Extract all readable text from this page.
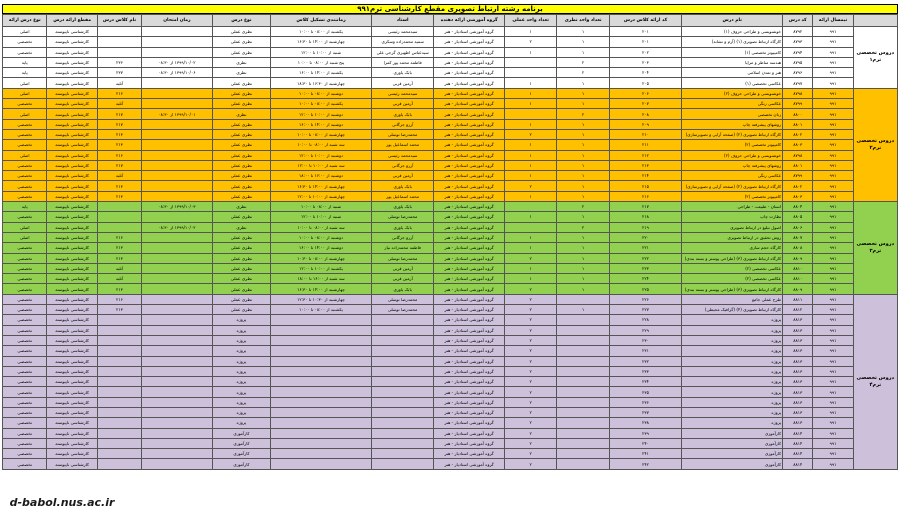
برنامه رشته ارتباط تصویری مقطع کارشناسی ترم۹۹۱
	نیمسال ارائه	کد درس	نام درس	کد ارائه کلاس درس	تعداد واحد نظری	تعداد واحد عملی	گروه آموزشی ارائه دهنده	استاد	زمانبندی تشکیل کلاس	نوع درس	زمان امتحان	نام کلاس درس	مقطع ارائه درس	نوع درس ارائه
دروس تخصصی ترم۱	۹۹۱	۸۷۹۲	خوشنویسی و طراحی حروف (۱)	۲۰۱	۱	۱	گروه آموزشی استادیار - هنر	سیدمحمد رئیسی	یکشنبه از ۰۸:۰۰ تا ۱۰:۰۰	نظری عملی			کارشناسی ناپیوسته	اصلی
	۹۹۱	۸۷۹۳	کارگاه ارتباط تصویری (۱) (آرم و نشانه)	۲۰۱	۱	۲	گروه آموزشی استادیار - هنر	سمیه محمدزاده وسکری	چهارشنبه از ۱۴:۰۰ تا ۱۶:۳۰	نظری عملی			کارشناسی ناپیوسته	تخصصی
	۹۹۱	۸۷۹۴	کامپیوتر تخصصی (۱)	۲۰۲	۱	۱	گروه آموزشی استادیار - هنر	سیدعباس اظهیری گرجی علی	شنبه از ۱۰:۰۰ تا ۱۲:۰۰	نظری عملی			کارشناسی ناپیوسته	تخصصی
	۹۹۱	۸۷۹۵	هندسه مناظر و مرایا	۲۰۳	۲		گروه آموزشی استادیار - هنر	فاطمه محمد پور کمرا	پنج شنبه از ۰۸:۰۰ تا ۱۰:۰۰	نظری	۱۳۹۹/۱۰/۰۲ از ۰۸:۳۰	۲۳۶	کارشناسی ناپیوسته	پایه
	۹۹۱	۸۷۹۶	هنر و تمدن اسلامی	۲۰۴	۲		گروه آموزشی استادیار - هنر	بابک یاوری	یکشنبه از ۱۴:۰۰ تا ۱۶:۰۰	نظری	۱۳۹۹/۱۰/۰۶ از ۰۸:۳۰	۲۳۷	کارشناسی ناپیوسته	پایه
	۹۹۱	۸۷۹۷	عکاسی تخصصی (۱)	۲۰۵	۱	۱	گروه آموزشی استادیار - هنر	آرمین قربی	چهارشنبه از ۱۶:۳۰ تا ۱۸:۳۰	نظری عملی		آتلیه	کارشناسی ناپیوسته	اصلی
دروس تخصصی ترم۲	۹۹۱	۸۷۹۸	خوشنویسی و طراحی حروف (۲)	۲۰۶	۱	۱	گروه آموزشی استادیار - هنر	سیدمحمد رئیسی	دوشنبه از ۰۸:۰۰ تا ۱۰:۰۰	نظری عملی		۲۱۶	کارشناسی ناپیوسته	اصلی
	۹۹۱	۸۷۹۹	عکاسی رنگی	۲۰۷	۱	۱	گروه آموزشی استادیار - هنر	آرمین قربی	یکشنبه از ۰۸:۰۰ تا ۱۰:۰۰	نظری عملی		آتلیه	کارشناسی ناپیوسته	تخصصی
	۹۹۱	۸۸۰۰	زبان تخصصی	۲۰۸	۲		گروه آموزشی استادیار - هنر	بابک یاوری	دوشنبه از ۱۰:۰۰ تا ۱۲:۰۰	نظری	۱۳۹۹/۱۰/۰۱ از ۰۸:۳۰	۲۱۷	کارشناسی ناپیوسته	اصلی
	۹۹۱	۸۸۰۱	روشهای پیشرفته چاپ	۲۰۹	۱	۱	گروه آموزشی استادیار - هنر	آرزو جرگانی	دوشنبه از ۱۴:۰۰ تا ۱۶:۰۰	نظری عملی		۲۱۷	کارشناسی ناپیوسته	تخصصی
	۹۹۱	۸۸۰۲	کارگاه ارتباط تصویری (۲) (صفحه آرایی و تصویرسازی)	۲۱۰	۱	۲	گروه آموزشی استادیار - هنر	محمدرضا توسلی	چهارشنبه از ۰۸:۰۰ تا ۱۰:۰۰	نظری عملی		۲۱۳	کارشناسی ناپیوسته	تخصصی
	۹۹۱	۸۸۰۳	کامپیوتر تخصصی (۲)	۲۱۱	۱	۱	گروه آموزشی استادیار - هنر	محمد اسماعیل پور	سه شنبه از ۰۸:۰۰ تا ۱۰:۰۰	نظری عملی		۲۱۳	کارشناسی ناپیوسته	تخصصی
	۹۹۱	۸۷۹۸	خوشنویسی و طراحی حروف (۲)	۲۱۲	۱	۱	گروه آموزشی استادیار - هنر	سیدمحمد رئیسی	دوشنبه از ۱۰:۰۰ تا ۱۲:۰۰	نظری عملی		۲۱۶	کارشناسی ناپیوسته	اصلی
	۹۹۱	۸۸۰۱	روشهای پیشرفته چاپ	۲۱۳	۱	۱	گروه آموزشی استادیار - هنر	آرزو جرگانی	سه شنبه از ۱۰:۰۰ تا ۱۲:۰۰	نظری عملی		۲۱۷	کارشناسی ناپیوسته	تخصصی
	۹۹۱	۸۷۹۹	عکاسی رنگی	۲۱۴	۱	۱	گروه آموزشی استادیار - هنر	آرمین قربی	دوشنبه از ۱۶:۰۰ تا ۱۸:۰۰	نظری عملی		آتلیه	کارشناسی ناپیوسته	تخصصی
	۹۹۱	۸۸۰۲	کارگاه ارتباط تصویری (۲) (صفحه آرایی و تصویرسازی)	۲۱۵	۱	۲	گروه آموزشی استادیار - هنر	بابک یاوری	چهارشنبه از ۱۴:۰۰ تا ۱۶:۳۰	نظری عملی		۲۱۳	کارشناسی ناپیوسته	تخصصی
	۹۹۱	۸۸۰۳	کامپیوتر تخصصی (۲)	۲۱۶	۱	۱	گروه آموزشی استادیار - هنر	محمد اسماعیل پور	چهارشنبه از ۱۰:۰۰ تا ۱۲:۰۰	نظری عملی		۲۱۳	کارشناسی ناپیوسته	تخصصی
دروس تخصصی ترم۳	۹۹۱	۸۸۰۴	انسان - طبیعت - طراحی	۲۱۷	۲		گروه آموزشی استادیار - هنر	بابک یاوری	شنبه از ۰۸:۰۰ تا ۱۰:۰۰	نظری	۱۳۹۹/۱۰/۰۳ از ۰۸:۳۰		کارشناسی ناپیوسته	پایه
	۹۹۱	۸۸۰۵	نظارت چاپ	۲۱۸	۱	۱	گروه آموزشی استادیار - هنر	محمدرضا توسلی	شنبه از ۱۰:۰۰ تا ۱۲:۰۰	نظری عملی			کارشناسی ناپیوسته	تخصصی
	۹۹۱	۸۸۰۶	اصول تبلیغ در ارتباط تصویری	۲۱۹	۲		گروه آموزشی استادیار - هنر	بابک یاوری	سه شنبه از ۰۸:۰۰ تا ۱۰:۰۰	نظری	۱۳۹۹/۱۰/۰۲ از ۰۸:۳۰		کارشناسی ناپیوسته	اصلی
	۹۹۱	۸۸۰۷	روش تحقیق در ارتباط تصویری	۲۲۰	۱	۱	گروه آموزشی استادیار - هنر	آرزو جرگانی	دوشنبه از ۰۸:۰۰ تا ۱۰:۰۰	نظری عملی		۲۱۶	کارشناسی ناپیوسته	اصلی
	۹۹۱	۸۸۰۸	کارگاه حجم سازی	۲۲۱	۱	۱	گروه آموزشی استادیار - هنر	فاطمه محمدزاده نیاز	دوشنبه از ۱۴:۰۰ تا ۱۶:۰۰	نظری عملی		۲۱۳	کارشناسی ناپیوسته	تخصصی
	۹۹۱	۸۸۰۹	کارگاه ارتباط تصویری (۳) (طراحی پوستر و بسته بندی)	۲۲۲	۱	۲	گروه آموزشی استادیار - هنر	محمدرضا توسلی	چهارشنبه از ۰۸:۰۰ تا ۱۰:۳۰	نظری عملی		۲۱۳	کارشناسی ناپیوسته	تخصصی
	۹۹۱	۸۸۱۰	عکاسی تخصصی (۲)	۲۲۳	۱	۱	گروه آموزشی استادیار - هنر	آرمین قربی	یکشنبه از ۱۰:۰۰ تا ۱۲:۰۰	نظری عملی		آتلیه	کارشناسی ناپیوسته	تخصصی
	۹۹۱	۸۸۱۰	عکاسی تخصصی (۲)	۲۲۴	۱	۱	گروه آموزشی استادیار - هنر	آرمین قربی	سه شنبه از ۱۶:۰۰ تا ۱۸:۰۰	نظری عملی		آتلیه	کارشناسی ناپیوسته	تخصصی
	۹۹۱	۸۸۰۹	کارگاه ارتباط تصویری (۳) (طراحی پوستر و بسته بندی)	۲۲۵	۱	۲	گروه آموزشی استادیار - هنر	بابک یاوری	چهارشنبه از ۱۴:۰۰ تا ۱۶:۳۰	نظری عملی		۲۱۳	کارشناسی ناپیوسته	تخصصی
دروس تخصصی ترم۴	۹۹۱	۸۸۱۱	طرح عملی جامع	۲۲۶		۲	گروه آموزشی استادیار - هنر	محمدرضا توسلی	چهارشنبه از ۱۰:۳۰ تا ۱۲:۳۰	نظری عملی		۲۱۶	کارشناسی ناپیوسته	تخصصی
	۹۹۱	۸۸۱۲	کارگاه ارتباط تصویری (۴) (گرافیک محیطی)	۲۲۷	۱	۲	گروه آموزشی استادیار - هنر	محمدرضا توسلی	یکشنبه از ۰۸:۰۰ تا ۱۰:۰۰	نظری عملی		۲۱۳	کارشناسی ناپیوسته	تخصصی
	۹۹۱	۸۸۱۳	پروژه	۲۲۸		۲	گروه آموزشی استادیار - هنر			پروژه			کارشناسی ناپیوسته	تخصصی
	۹۹۱	۸۸۱۳	پروژه	۲۲۹		۲	گروه آموزشی استادیار - هنر			پروژه			کارشناسی ناپیوسته	تخصصی
	۹۹۱	۸۸۱۳	پروژه	۲۳۰		۲	گروه آموزشی استادیار - هنر			پروژه			کارشناسی ناپیوسته	تخصصی
	۹۹۱	۸۸۱۳	پروژه	۲۳۱		۲	گروه آموزشی استادیار - هنر			پروژه			کارشناسی ناپیوسته	تخصصی
	۹۹۱	۸۸۱۳	پروژه	۲۳۲		۲	گروه آموزشی استادیار - هنر			پروژه			کارشناسی ناپیوسته	تخصصی
	۹۹۱	۸۸۱۳	پروژه	۲۳۳		۲	گروه آموزشی استادیار - هنر			پروژه			کارشناسی ناپیوسته	تخصصی
	۹۹۱	۸۸۱۳	پروژه	۲۳۴		۲	گروه آموزشی استادیار - هنر			پروژه			کارشناسی ناپیوسته	تخصصی
	۹۹۱	۸۸۱۳	پروژه	۲۳۵		۲	گروه آموزشی استادیار - هنر			پروژه			کارشناسی ناپیوسته	تخصصی
	۹۹۱	۸۸۱۳	پروژه	۲۳۶		۲	گروه آموزشی استادیار - هنر			پروژه			کارشناسی ناپیوسته	تخصصی
	۹۹۱	۸۸۱۳	پروژه	۲۳۷		۲	گروه آموزشی استادیار - هنر			پروژه			کارشناسی ناپیوسته	تخصصی
	۹۹۱	۸۸۱۳	پروژه	۲۳۸		۲	گروه آموزشی استادیار - هنر			پروژه			کارشناسی ناپیوسته	تخصصی
	۹۹۱	۸۸۱۴	کارآموزی	۲۳۹		۲	گروه آموزشی استادیار - هنر			کارآموزی			کارشناسی ناپیوسته	تخصصی
	۹۹۱	۸۸۱۴	کارآموزی	۲۴۰		۲	گروه آموزشی استادیار - هنر			کارآموزی			کارشناسی ناپیوسته	تخصصی
	۹۹۱	۸۸۱۴	کارآموزی	۲۴۱		۲	گروه آموزشی استادیار - هنر			کارآموزی			کارشناسی ناپیوسته	تخصصی
	۹۹۱	۸۸۱۴	کارآموزی	۲۴۲		۲	گروه آموزشی استادیار - هنر			کارآموزی			کارشناسی ناپیوسته	تخصصی
d-babol.nus.ac.ir
